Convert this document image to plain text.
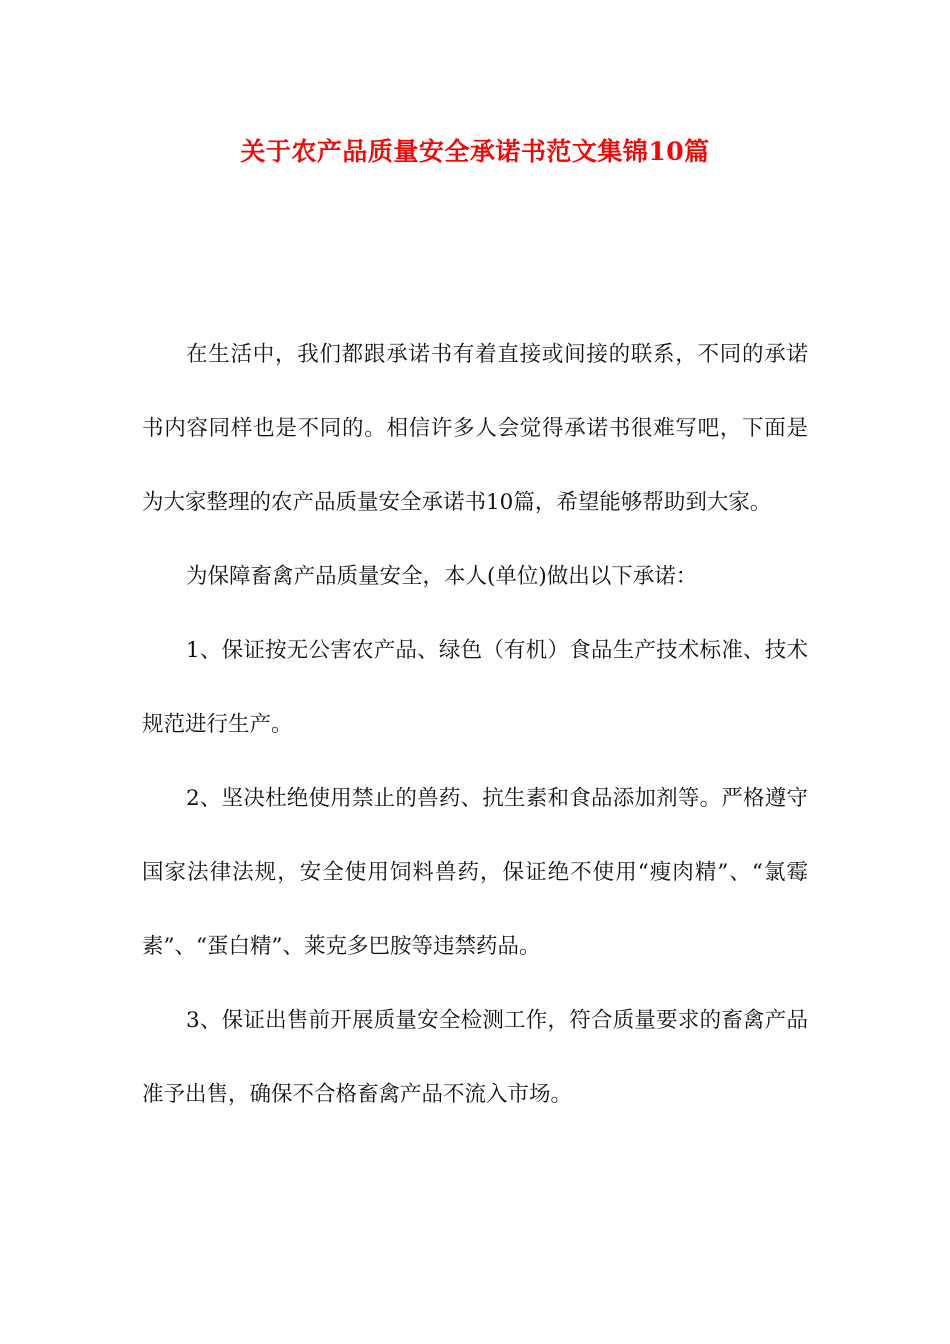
关于农产品质量安全承诺书范文集锦10篇

在生活中，我们都跟承诺书有着直接或间接的联系，不同的承诺书内容同样也是不同的。相信许多人会觉得承诺书很难写吧，下面是为大家整理的农产品质量安全承诺书10篇，希望能够帮助到大家。

为保障畜禽产品质量安全，本人(单位)做出以下承诺：

1、保证按无公害农产品、绿色（有机）食品生产技术标准、技术规范进行生产。

2、坚决杜绝使用禁止的兽药、抗生素和食品添加剂等。严格遵守国家法律法规，安全使用饲料兽药，保证绝不使用“瘦肉精”、“氯霉素”、“蛋白精”、莱克多巴胺等违禁药品。

3、保证出售前开展质量安全检测工作，符合质量要求的畜禽产品准予出售，确保不合格畜禽产品不流入市场。
